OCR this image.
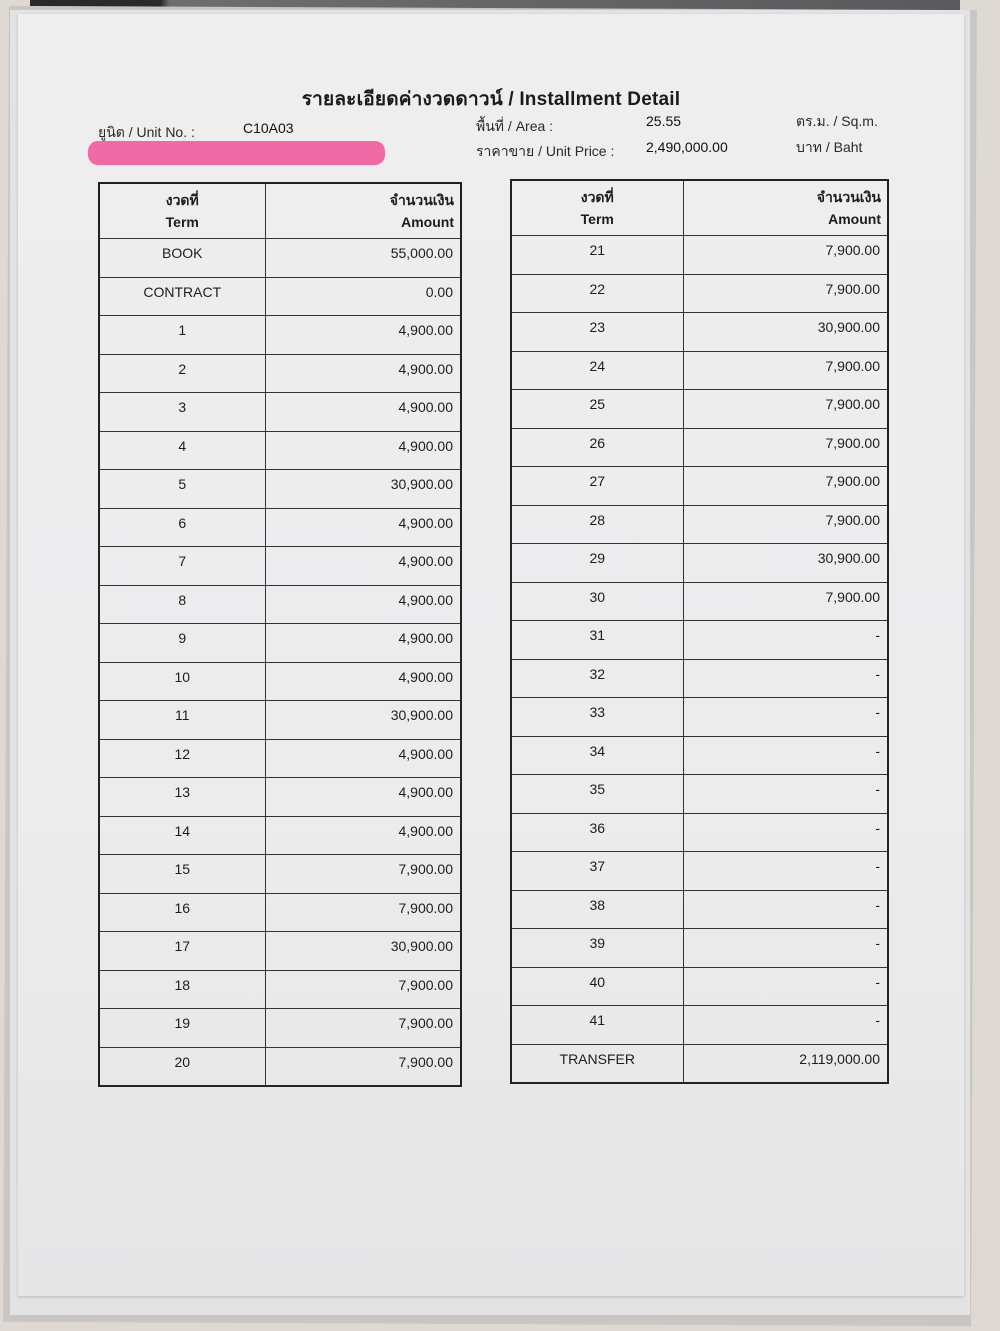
รายละเอียดค่างวดดาวน์ / Installment Detail
ยูนิต / Unit No. :	C10A03	พื้นที่ / Area :	25.55	ตร.ม. / Sq.m.
ราคาขาย / Unit Price : 2,490,000.00	บาท / Baht
งวดที่
Term	จำนวนเงิน
Amount

BOOK	55,000.00
CONTRACT	0.00
1	4,900.00
2	4,900.00
3	4,900.00
4	4,900.00
5	30,900.00
6	4,900.00
7	4,900.00
8	4,900.00
9	4,900.00
10	4,900.00
11	30,900.00
12	4,900.00
13	4,900.00
14	4,900.00
15	7,900.00
16	7,900.00
17	30,900.00
18	7,900.00
19	7,900.00
20	7,900.00
งวดที่
Term	จำนวนเงิน
Amount

21	7,900.00
22	7,900.00
23	30,900.00
24	7,900.00
25	7,900.00
26	7,900.00
27	7,900.00
28	7,900.00
29	30,900.00
30	7,900.00
31	-
32	-
33	-
34	-
35	-
36	-
37	-
38	-
39	-
40	-
41	-
TRANSFER	2,119,000.00
